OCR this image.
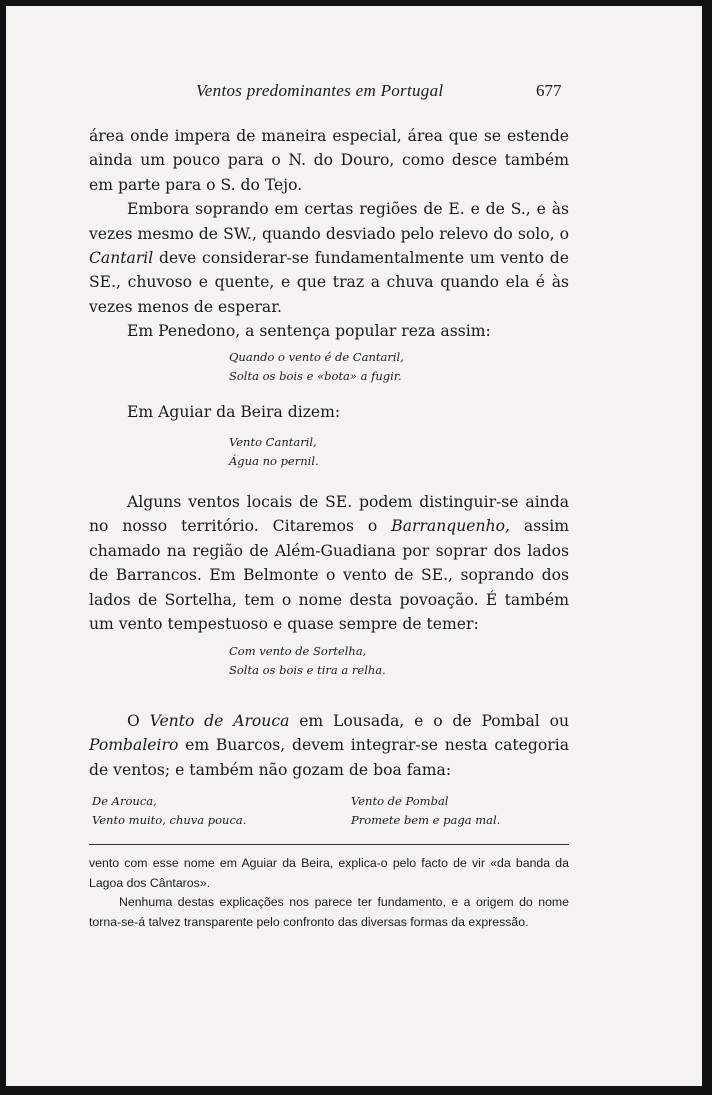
Ventos predominantes em Portugal	677

área onde impera de maneira especial, área que se estende ainda um pouco para o N. do Douro, como desce também em parte para o S. do Tejo.

Embora soprando em certas regiões de E. e de S., e às vezes mesmo de SW., quando desviado pelo relevo do solo, o Cantaril deve considerar-se fundamentalmente um vento de SE., chuvoso e quente, e que traz a chuva quando ela é às vezes menos de esperar.

Em Penedono, a sentença popular reza assim:

Quando o vento é de Cantaril,
Solta os bois e «bota» a fugir.

Em Aguiar da Beira dizem:

Vento Cantaril,
Água no pernil.

Alguns ventos locais de SE. podem distinguir-se ainda no nosso território. Citaremos o Barranquenho, assim chamado na região de Além-Guadiana por soprar dos lados de Barrancos. Em Belmonte o vento de SE., soprando dos lados de Sortelha, tem o nome desta povoação. É também um vento tempestuoso e quase sempre de temer:

Com vento de Sortelha,
Solta os bois e tira a relha.

O Vento de Arouca em Lousada, e o de Pombal ou Pombaleiro em Buarcos, devem integrar-se nesta categoria de ventos; e também não gozam de boa fama:

De Arouca,
Vento muito, chuva pouca.
Vento de Pombal
Promete bem e paga mal.

vento com esse nome em Aguiar da Beira, explica-o pelo facto de vir «da banda da Lagoa dos Cântaros».

Nenhuma destas explicações nos parece ter fundamento, e a origem do nome torna-se-á talvez transparente pelo confronto das diversas formas da expressão.
